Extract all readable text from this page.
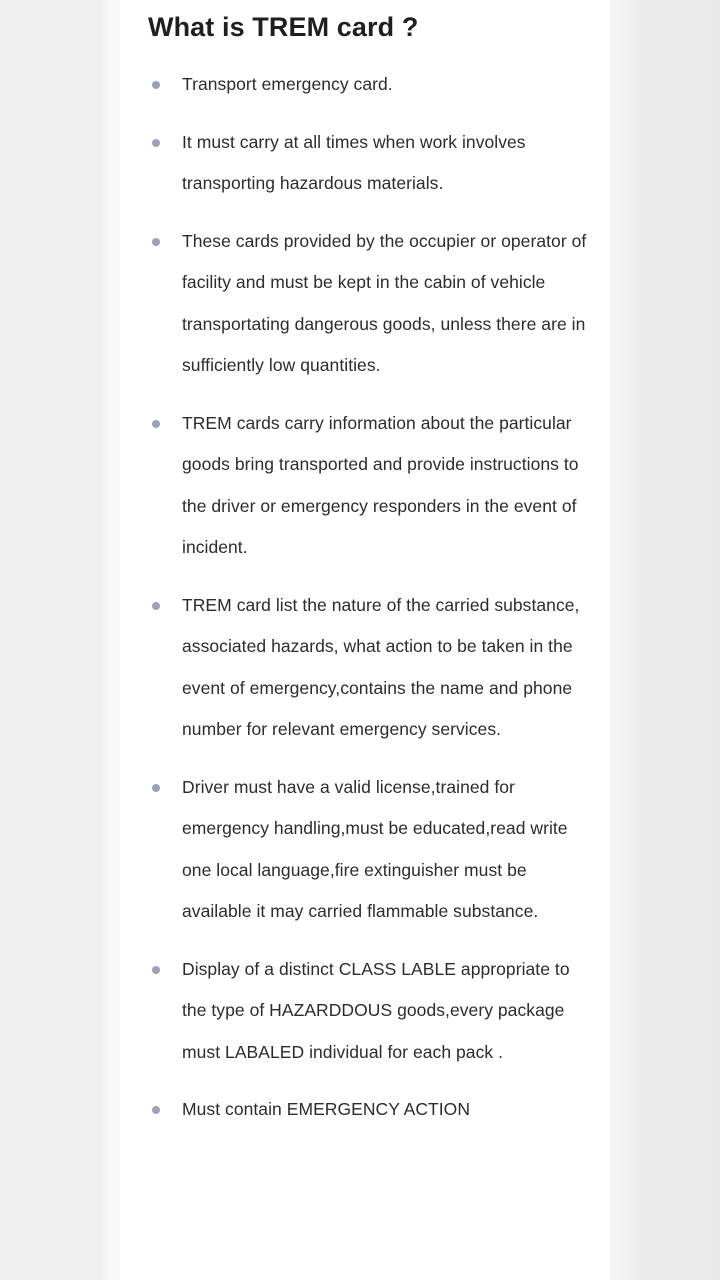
What is TREM card ?
Transport emergency card.
It must carry at all times when work involves transporting hazardous materials.
These cards provided by the occupier or operator of facility and must be kept in the cabin of vehicle transportating dangerous goods, unless there are in sufficiently low quantities.
TREM cards carry information about the particular goods bring transported and provide instructions to the driver or emergency responders in the event of incident.
TREM card list the nature of the carried substance, associated hazards, what action to be taken in the event of emergency,contains the name and phone number for relevant emergency services.
Driver must have a valid license,trained for emergency handling,must be educated,read write one local language,fire extinguisher must be available it may carried flammable substance.
Display of a distinct CLASS LABLE appropriate to the type of HAZARDDOUS goods,every package must LABALED individual for each pack .
Must contain EMERGENCY ACTION
